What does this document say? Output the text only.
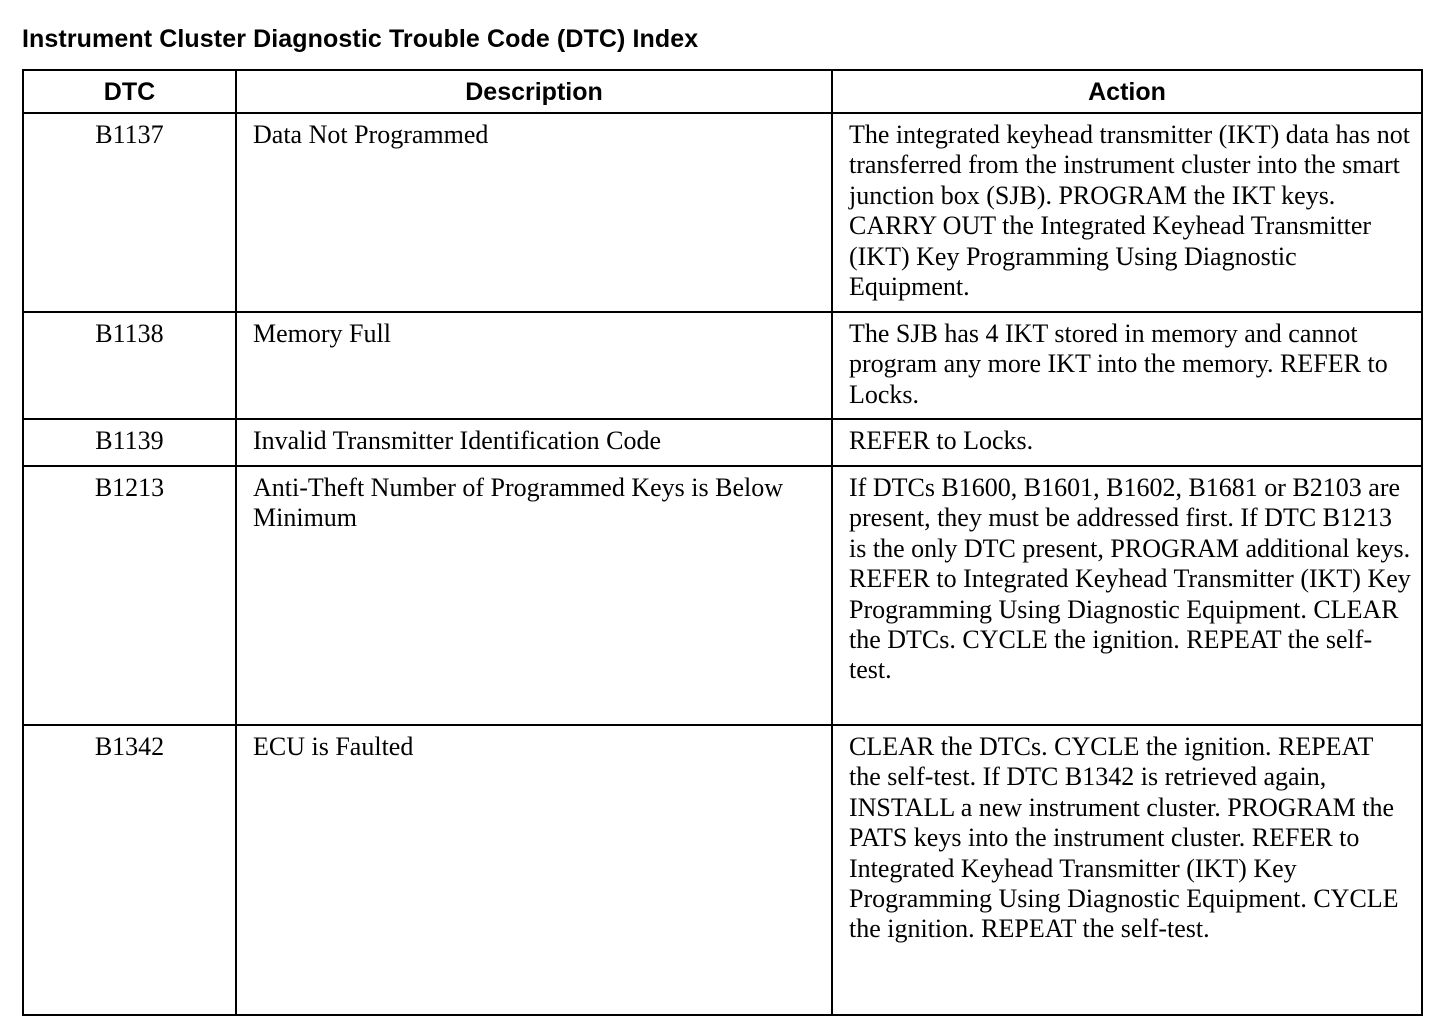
Instrument Cluster Diagnostic Trouble Code (DTC) Index
DTC	Description	Action
B1137	Data Not Programmed	The integrated keyhead transmitter (IKT) data has not transferred from the instrument cluster into the smart junction box (SJB). PROGRAM the IKT keys. CARRY OUT the Integrated Keyhead Transmitter (IKT) Key Programming Using Diagnostic Equipment.
B1138	Memory Full	The SJB has 4 IKT stored in memory and cannot program any more IKT into the memory. REFER to Locks.
B1139	Invalid Transmitter Identification Code	REFER to Locks.
B1213	Anti-Theft Number of Programmed Keys is Below Minimum	If DTCs B1600, B1601, B1602, B1681 or B2103 are present, they must be addressed first. If DTC B1213 is the only DTC present, PROGRAM additional keys. REFER to Integrated Keyhead Transmitter (IKT) Key Programming Using Diagnostic Equipment. CLEAR the DTCs. CYCLE the ignition. REPEAT the self-test.
B1342	ECU is Faulted	CLEAR the DTCs. CYCLE the ignition. REPEAT the self-test. If DTC B1342 is retrieved again, INSTALL a new instrument cluster. PROGRAM the PATS keys into the instrument cluster. REFER to Integrated Keyhead Transmitter (IKT) Key Programming Using Diagnostic Equipment. CYCLE the ignition. REPEAT the self-test.
